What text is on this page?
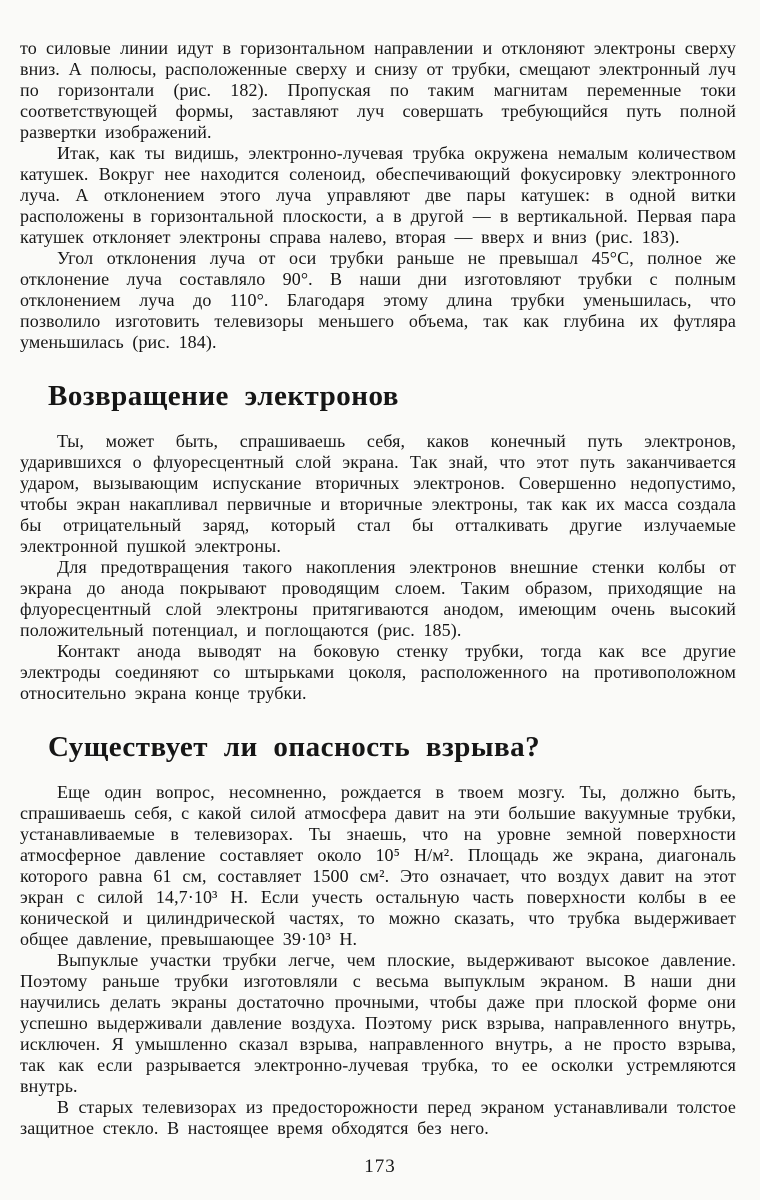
то силовые линии идут в горизонтальном направлении и отклоняют электроны сверху вниз. А полюсы, расположенные сверху и снизу от трубки, смещают электронный луч по горизонтали (рис. 182). Пропуская по таким магнитам переменные токи соответствующей формы, заставляют луч совершать требующийся путь полной развертки изображений.

Итак, как ты видишь, электронно-лучевая трубка окружена немалым количеством катушек. Вокруг нее находится соленоид, обеспечивающий фокусировку электронного луча. А отклонением этого луча управляют две пары катушек: в одной витки расположены в горизонтальной плоскости, а в другой — в вертикальной. Первая пара катушек отклоняет электроны справа налево, вторая — вверх и вниз (рис. 183).

Угол отклонения луча от оси трубки раньше не превышал 45°С, полное же отклонение луча составляло 90°. В наши дни изготовляют трубки с полным отклонением луча до 110°. Благодаря этому длина трубки уменьшилась, что позволило изготовить телевизоры меньшего объема, так как глубина их футляра уменьшилась (рис. 184).

Возвращение электронов

Ты, может быть, спрашиваешь себя, каков конечный путь электронов, ударившихся о флуоресцентный слой экрана. Так знай, что этот путь заканчивается ударом, вызывающим испускание вторичных электронов. Совершенно недопустимо, чтобы экран накапливал первичные и вторичные электроны, так как их масса создала бы отрицательный заряд, который стал бы отталкивать другие излучаемые электронной пушкой электроны.

Для предотвращения такого накопления электронов внешние стенки колбы от экрана до анода покрывают проводящим слоем. Таким образом, приходящие на флуоресцентный слой электроны притягиваются анодом, имеющим очень высокий положительный потенциал, и поглощаются (рис. 185).

Контакт анода выводят на боковую стенку трубки, тогда как все другие электроды соединяют со штырьками цоколя, расположенного на противоположном относительно экрана конце трубки.

Существует ли опасность взрыва?

Еще один вопрос, несомненно, рождается в твоем мозгу. Ты, должно быть, спрашиваешь себя, с какой силой атмосфера давит на эти большие вакуумные трубки, устанавливаемые в телевизорах. Ты знаешь, что на уровне земной поверхности атмосферное давление составляет около 10⁵ Н/м². Площадь же экрана, диагональ которого равна 61 см, составляет 1500 см². Это означает, что воздух давит на этот экран с силой 14,7·10³ Н. Если учесть остальную часть поверхности колбы в ее конической и цилиндрической частях, то можно сказать, что трубка выдерживает общее давление, превышающее 39·10³ Н.

Выпуклые участки трубки легче, чем плоские, выдерживают высокое давление. Поэтому раньше трубки изготовляли с весьма выпуклым экраном. В наши дни научились делать экраны достаточно прочными, чтобы даже при плоской форме они успешно выдерживали давление воздуха. Поэтому риск взрыва, направленного внутрь, исключен. Я умышленно сказал взрыва, направленного внутрь, а не просто взрыва, так как если разрывается электронно-лучевая трубка, то ее осколки устремляются внутрь.

В старых телевизорах из предосторожности перед экраном устанавливали толстое защитное стекло. В настоящее время обходятся без него.

173
